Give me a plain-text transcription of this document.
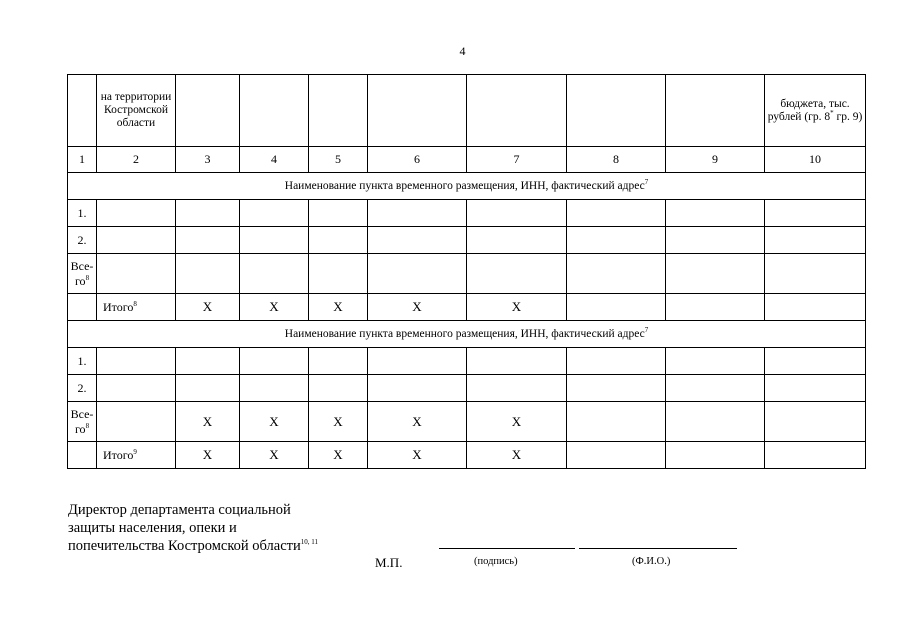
4
	на территории Костромской области								бюджета, тыс. рублей (гр. 8* гр. 9)
1	2	3	4	5	6	7	8	9	10
Наименование пункта временного размещения, ИНН, фактический адрес$^7$
1.									
2.									
Все-$го^8$									
	Итого$^8$	Х	Х	Х	Х	Х			
Наименование пункта временного размещения, ИНН, фактический адрес$^7$
1.									
2.									
Все-$го^8$		Х	Х	Х	Х	Х			
	Итого$^9$	Х	Х	Х	Х	Х			
Директор департамента социальной
защиты населения, опеки и
попечительства Костромской области$^{10, 11}$
М.П.	(подпись)	(Ф.И.О.)
